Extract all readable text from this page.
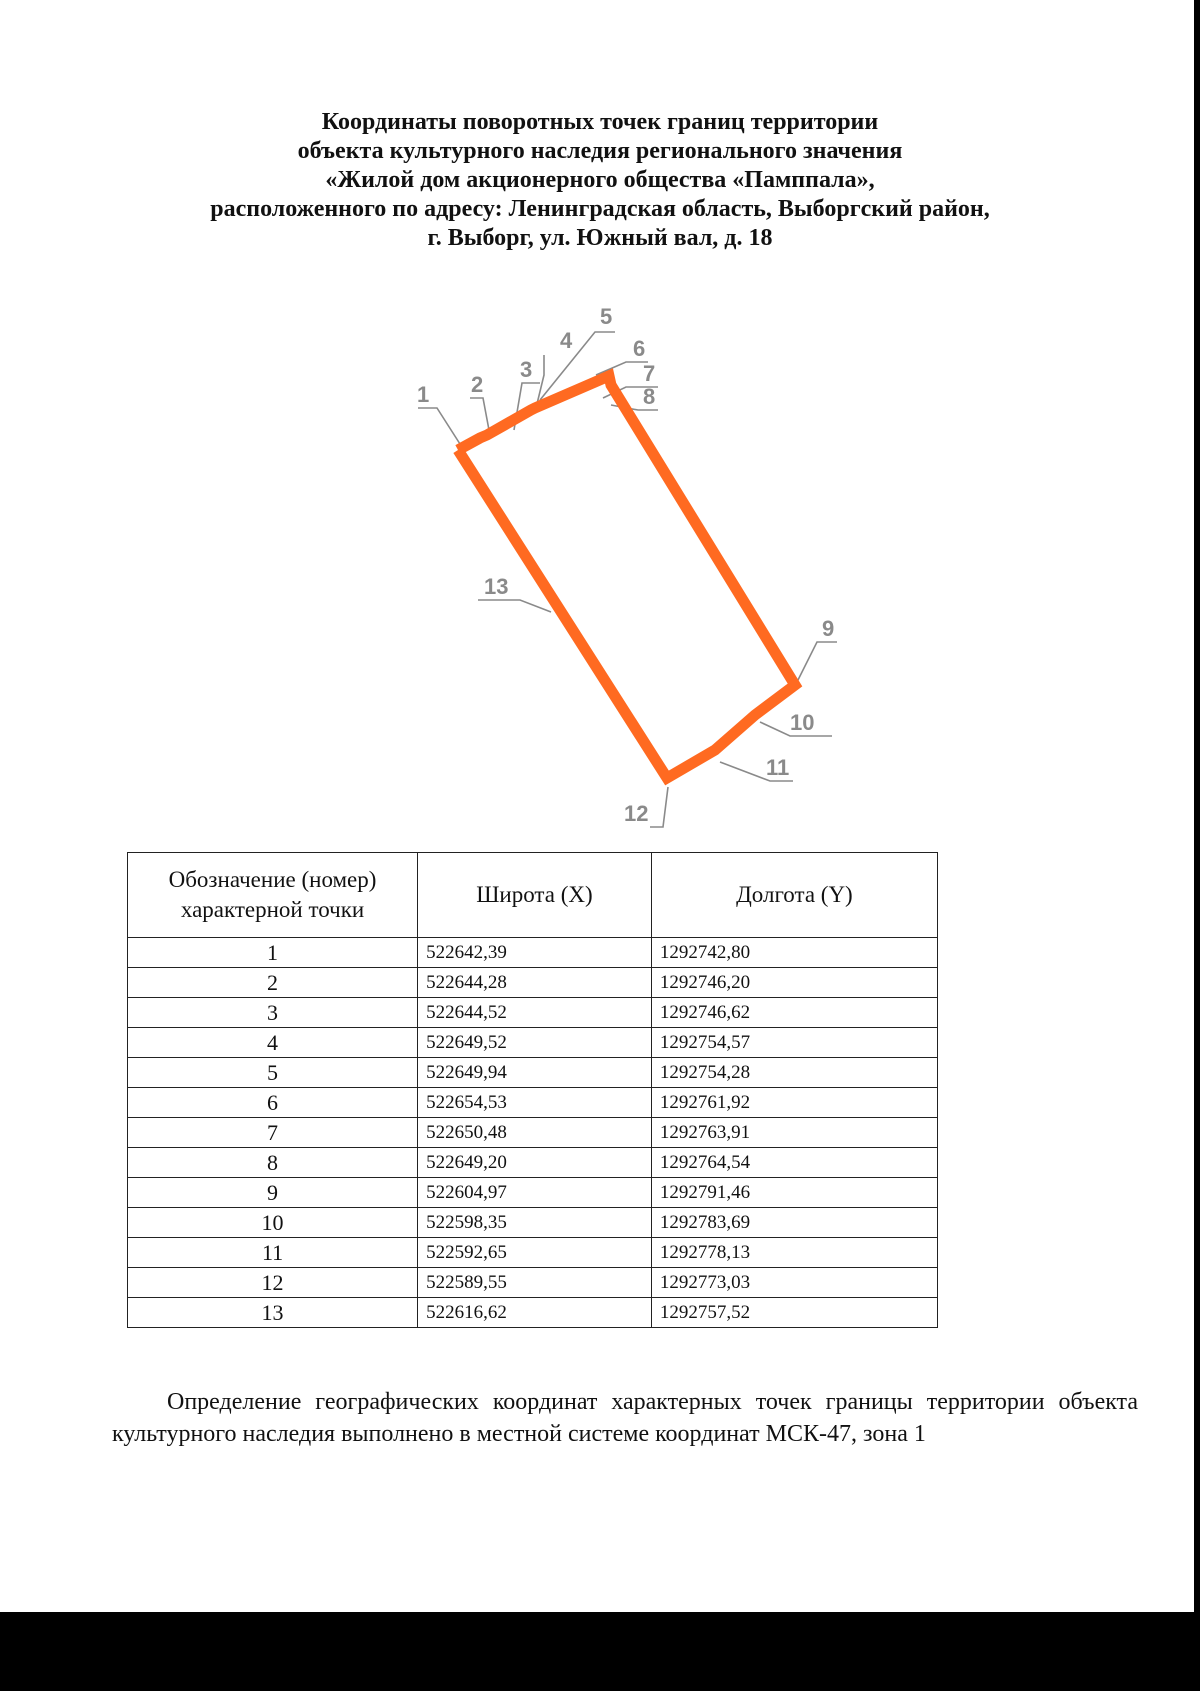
Координаты поворотных точек границ территории
объекта культурного наследия регионального значения
«Жилой дом акционерного общества «Памппала»,
расположенного по адресу: Ленинградская область, Выборгский район,
г. Выборг, ул. Южный вал, д. 18
1 2
3
4
5
6
7
8
9
10
11
12
13
Обозначение (номер) характерной точки	Широта (X)	Долгота (Y)
1	522642,39	1292742,80
2	522644,28	1292746,20
3	522644,52	1292746,62
4	522649,52	1292754,57
5	522649,94	1292754,28
6	522654,53	1292761,92
7	522650,48	1292763,91
8	522649,20	1292764,54
9	522604,97	1292791,46
10	522598,35	1292783,69
11	522592,65	1292778,13
12	522589,55	1292773,03
13	522616,62	1292757,52
Определение географических координат характерных точек границы территории объекта культурного наследия выполнено в местной системе координат МСК-47, зона 1
